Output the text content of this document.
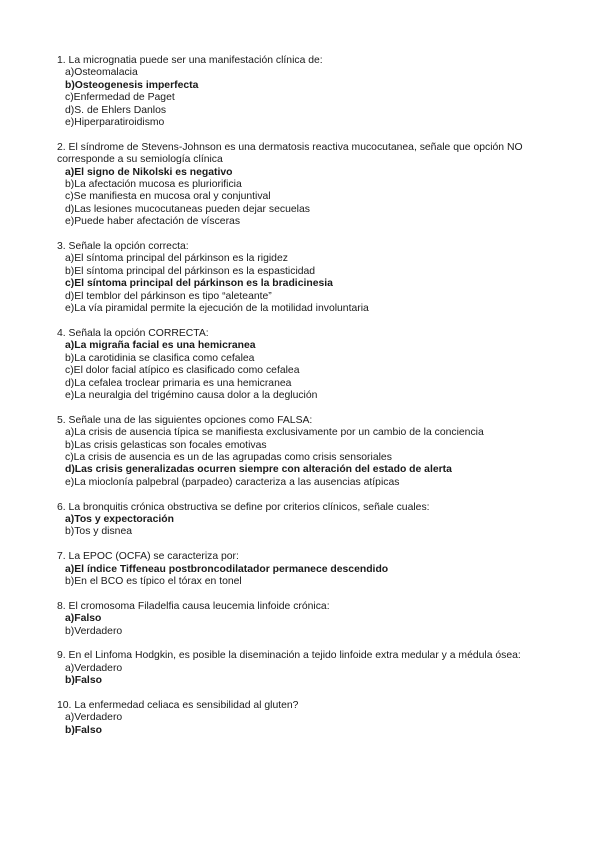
1. La micrognatia puede ser una manifestación clínica de:

a)Osteomalacia
b)Osteogenesis imperfecta
c)Enfermedad de Paget
d)S. de Ehlers Danlos
e)Hiperparatiroidismo

2. El síndrome de Stevens-Johnson es una dermatosis reactiva mucocutanea, señale que opción NO corresponde a su semiología clínica

a)El signo de Nikolski es negativo
b)La afectación mucosa es pluriorificia
c)Se manifiesta en mucosa oral y conjuntival
d)Las lesiones mucocutaneas pueden dejar secuelas
e)Puede haber afectación de vísceras

3. Señale la opción correcta:

a)El síntoma principal del párkinson es la rigidez
b)El síntoma principal del párkinson es la espasticidad
c)El síntoma principal del párkinson es la bradicinesia
d)El temblor del párkinson es tipo “aleteante”
e)La vía piramidal permite la ejecución de la motilidad involuntaria

4. Señala la opción CORRECTA:

a)La migraña facial es una hemicranea
b)La carotidinia se clasifica como cefalea
c)El dolor facial atípico es clasificado como cefalea
d)La cefalea troclear primaria es una hemicranea
e)La neuralgia del trigémino causa dolor a la deglución

5. Señale una de las siguientes opciones como FALSA:

a)La crisis de ausencia típica se manifiesta exclusivamente por un cambio de la conciencia
b)Las crisis gelasticas son focales emotivas
c)La crisis de ausencia es un de las agrupadas como crisis sensoriales
d)Las crisis generalizadas ocurren siempre con alteración del estado de alerta
e)La mioclonía palpebral (parpadeo) caracteriza a las ausencias atípicas

6. La bronquitis crónica obstructiva se define por criterios clínicos, señale cuales:

a)Tos y expectoración
b)Tos y disnea

7. La EPOC (OCFA) se caracteriza por:

a)El índice Tiffeneau postbroncodilatador permanece descendido
b)En el BCO es típico el tórax en tonel

8. El cromosoma Filadelfia causa leucemia linfoide crónica:

a)Falso
b)Verdadero

9. En el Linfoma Hodgkin, es posible la diseminación a tejido linfoide extra medular y a médula ósea:

a)Verdadero
b)Falso

10. La enfermedad celiaca es sensibilidad al gluten?

a)Verdadero
b)Falso
